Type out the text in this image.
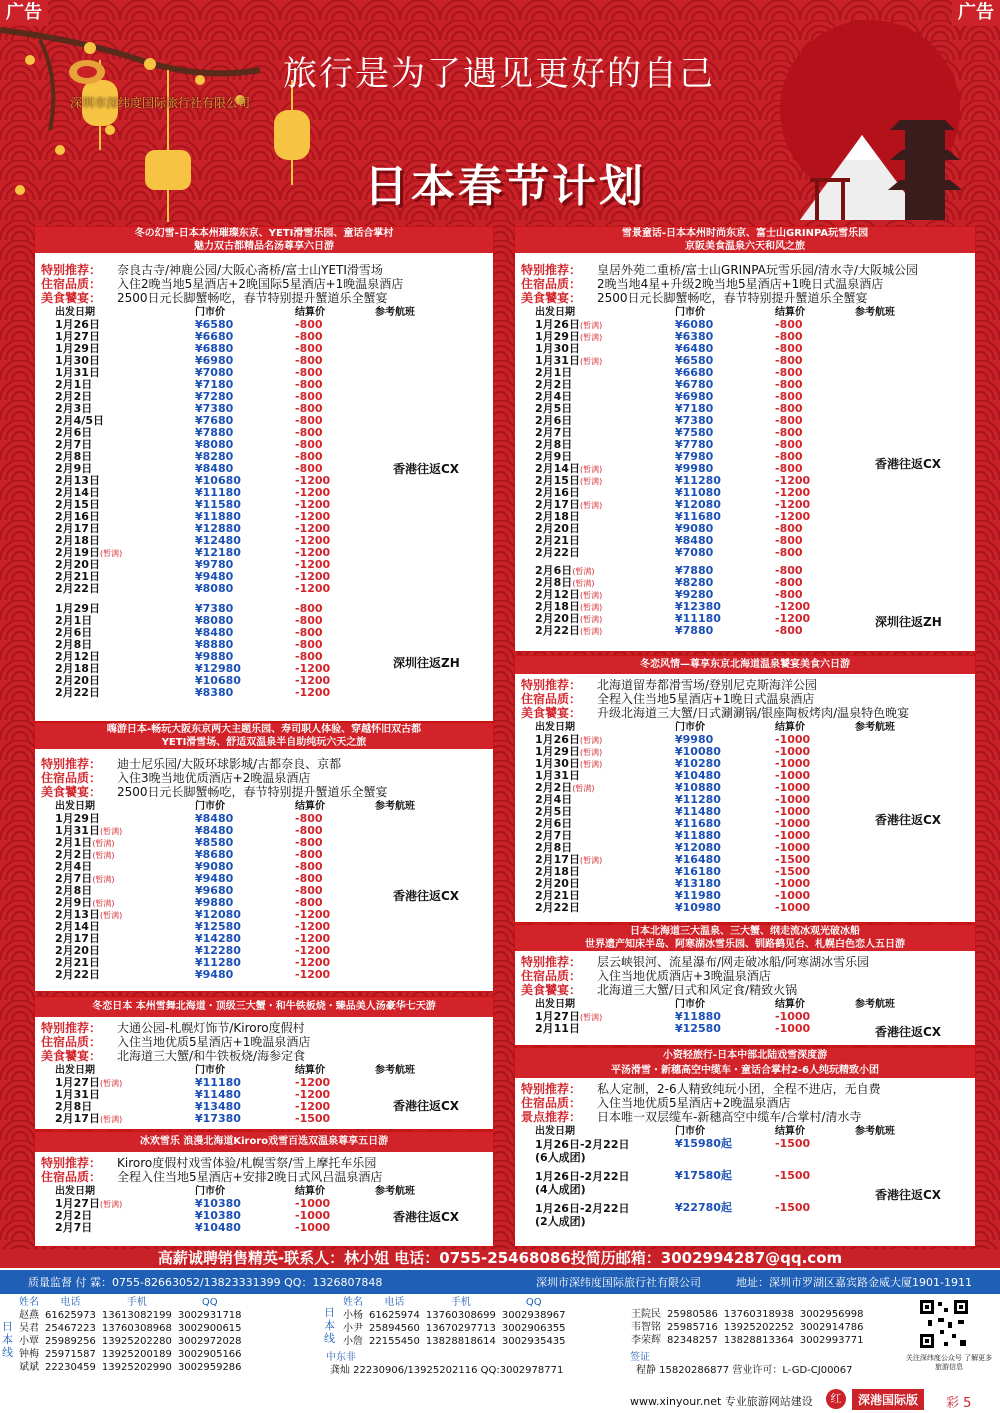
深圳市深纬度国际旅行社有限公司
旅行是为了遇见更好的自己
日本春节计划
冬の幻雪-日本本州璀璨东京、YETI滑雪乐园、童话合掌村
魅力双古都精品名汤尊享六日游
特别推荐： 奈良古寺/神鹿公园/大阪心斋桥/富士山YETI滑雪场
住宿品质： 入住2晚当地5星酒店+2晚国际5星酒店+1晚温泉酒店
美食饕宴： 2500日元长脚蟹畅吃，春节特别提升蟹道乐全蟹宴
出发日期	门市价	结算价	参考航班
1月26日	¥6580	-800
1月27日	¥6680	-800
1月29日	¥6880	-800
1月30日	¥6980	-800
1月31日	¥7080	-800
2月1日	¥7180	-800
2月2日	¥7280	-800
2月3日	¥7380	-800
2月4/5日	¥7680	-800
2月6日	¥7880	-800
2月7日	¥8080	-800
2月8日	¥8280	-800
2月9日	¥8480	-800
2月13日	¥10680	-1200
2月14日	¥11180	-1200
2月15日	¥11580	-1200
2月16日	¥11880	-1200
2月17日	¥12880	-1200
2月18日	¥12480	-1200
2月19日(暂满)	¥12180	-1200
2月20日	¥9780	-1200
2月21日	¥9480	-1200
2月22日	¥8080	-1200
香港往返CX
1月29日	¥7380	-800
2月1日	¥8080	-800
2月6日	¥8480	-800
2月8日	¥8880	-800
2月12日	¥9880	-800
2月18日	¥12980	-1200
2月20日	¥10680	-1200
2月22日	¥8380	-1200
深圳往返ZH
嗨游日本-畅玩大阪东京两大主题乐园、寿司职人体验、穿越怀旧双古都
YETI滑雪场、舒适双温泉半自助纯玩六天之旅
特别推荐： 迪士尼乐园/大阪环球影城/古都奈良、京都
住宿品质： 入住3晚当地优质酒店+2晚温泉酒店
美食饕宴： 2500日元长脚蟹畅吃，春节特别提升蟹道乐全蟹宴
出发日期	门市价	结算价	参考航班
1月29日	¥8480	-800
1月31日(暂满)	¥8480	-800
2月1日(暂满)	¥8580	-800
2月2日(暂满)	¥8680	-800
2月4日	¥9080	-800
2月7日(暂满)	¥9480	-800
2月8日	¥9680	-800
2月9日(暂满)	¥9880	-800
2月13日(暂满)	¥12080	-1200
2月14日	¥12580	-1200
2月17日	¥14280	-1200
2月20日	¥12280	-1200
2月21日	¥11280	-1200
2月22日	¥9480	-1200
香港往返CX
冬恋日本 本州雪舞北海道・顶级三大蟹・和牛铁板烧・臻品美人汤豪华七天游
特别推荐： 大通公园-札幌灯饰节/Kiroro度假村
住宿品质： 入住当地优质5星酒店+1晚温泉酒店
美食饕宴： 北海道三大蟹/和牛铁板烧/海参定食
出发日期	门市价	结算价	参考航班
1月27日(暂满)	¥11180	-1200
1月31日	¥11480	-1200
2月8日	¥13480	-1200
2月17日(暂满)	¥17380	-1500
香港往返CX
冰欢雪乐 浪漫北海道Kiroro戏雪百选双温泉尊享五日游
特别推荐： Kiroro度假村戏雪体验/札幌雪祭/雪上摩托车乐园
住宿品质： 全程入住当地5星酒店+安排2晚日式风吕温泉酒店
出发日期	门市价	结算价	参考航班
1月27日(暂满)	¥10380	-1000
2月2日	¥10380	-1000
2月7日	¥10480	-1000
香港往返CX
雪景童话-日本本州时尚东京、富士山GRINPA玩雪乐园
京阪美食温泉六天和风之旅
特别推荐： 皇居外苑二重桥/富士山GRINPA玩雪乐园/清水寺/大阪城公园
住宿品质： 2晚当地4星+升级2晚当地5星酒店+1晚日式温泉酒店
美食饕宴： 2500日元长脚蟹畅吃，春节特别提升蟹道乐全蟹宴
出发日期	门市价	结算价	参考航班
1月26日(暂满)	¥6080	-800
1月29日(暂满)	¥6380	-800
1月30日	¥6480	-800
1月31日(暂满)	¥6580	-800
2月1日	¥6680	-800
2月2日	¥6780	-800
2月4日	¥6980	-800
2月5日	¥7180	-800
2月6日	¥7380	-800
2月7日	¥7580	-800
2月8日	¥7780	-800
2月9日	¥7980	-800
2月14日(暂满)	¥9980	-800
2月15日(暂满)	¥11280	-1200
2月16日	¥11080	-1200
2月17日(暂满)	¥12080	-1200
2月18日	¥11680	-1200
2月20日	¥9080	-800
2月21日	¥8480	-800
2月22日	¥7080	-800
香港往返CX
2月6日(暂满)	¥7880	-800
2月8日(暂满)	¥8280	-800
2月12日(暂满)	¥9280	-800
2月18日(暂满)	¥12380	-1200
2月20日(暂满)	¥11180	-1200
2月22日(暂满)	¥7880	-800
深圳往返ZH
冬恋风情—尊享东京北海道温泉饕宴美食六日游
特别推荐： 北海道留寿都滑雪场/登别尼克斯海洋公园
住宿品质： 全程入住当地5星酒店+1晚日式温泉酒店
美食饕宴： 升级北海道三大蟹/日式涮涮锅/银座陶板烤肉/温泉特色晚宴
出发日期	门市价	结算价	参考航班
1月26日(暂满)	¥9980	-1000
1月29日(暂满)	¥10080	-1000
1月30日(暂满)	¥10280	-1000
1月31日	¥10480	-1000
2月2日(暂满)	¥10880	-1000
2月4日	¥11280	-1000
2月5日	¥11480	-1000
2月6日	¥11680	-1000
2月7日	¥11880	-1000
2月8日	¥12080	-1000
2月17日(暂满)	¥16480	-1500
2月18日	¥16180	-1500
2月20日	¥13180	-1000
2月21日	¥11980	-1000
2月22日	¥10980	-1000
香港往返CX
日本北海道三大温泉、三大蟹、纲走流冰观光破冰船
世界遗产知床半岛、阿寒湖冰雪乐园、钏路鹤见台、札幌白色恋人五日游
特别推荐： 层云峡银河、流星瀑布/网走破冰船/阿寒湖冰雪乐园
住宿品质： 入住当地优质酒店+3晚温泉酒店
美食饕宴： 北海道三大蟹/日式和风定食/精致火锅
出发日期	门市价	结算价	参考航班
1月27日(暂满)	¥11880	-1000
2月11日	¥12580	-1000	香港往返CX
小资轻旅行-日本中部北陆戏雪深度游
平汤滑雪・新穗高空中缆车・童话合掌村2-6人纯玩精致小团
特别推荐： 私人定制，2-6人精致纯玩小团，全程不进店，无自费
住宿品质： 入住当地优质5星酒店+2晚温泉酒店
景点推荐： 日本唯一双层缆车-新穗高空中缆车/合掌村/清水寺
出发日期	门市价	结算价	参考航班
1月26日-2月22日
(6人成团)
¥15980起	-1500
1月26日-2月22日
(4人成团)
¥17580起	-1500
1月26日-2月22日
(2人成团)
¥22780起	-1500
香港往返CX
高薪诚聘销售精英-联系人：林小姐 电话：0755-25468086投简历邮箱：3002994287@qq.com
广告	广告
质量监督 付 霖：0755-82663052/13823331399 QQ：1326807848	深圳市深纬度国际旅行社有限公司	地址：深圳市罗湖区嘉宾路金威大厦1901-1911
日本线
姓名	电话	手机	QQ
赵燕	61625973	13613082199	3002931718
吴君	25467223	13760308968	3002900615
小覃	25989256	13925202280	3002972028
钟梅	25971587	13925200189	3002905166
斌斌	22230459	13925202990	3002959286
日本线
姓名	电话	手机	QQ
小杨	61625974	13760308699	3002938967
小尹	25894560	13670297713	3002906355
小詹	22155450	13828818614	3002935435
中东非
龚灿 22230906/13925202116 QQ:3002978771
王院民	25980586	13760318938	3002956998
韦智铭	25985716	13925202252	3002914786
李荣辉	82348257	13828813364	3002993771
签证
程静 15820286877 营业许可：L-GD-CJ00067
关注深纬度公众号 了解更多旅游信息
www.xinyour.net 专业旅游网站建设	红	深港国际版	彩 5
